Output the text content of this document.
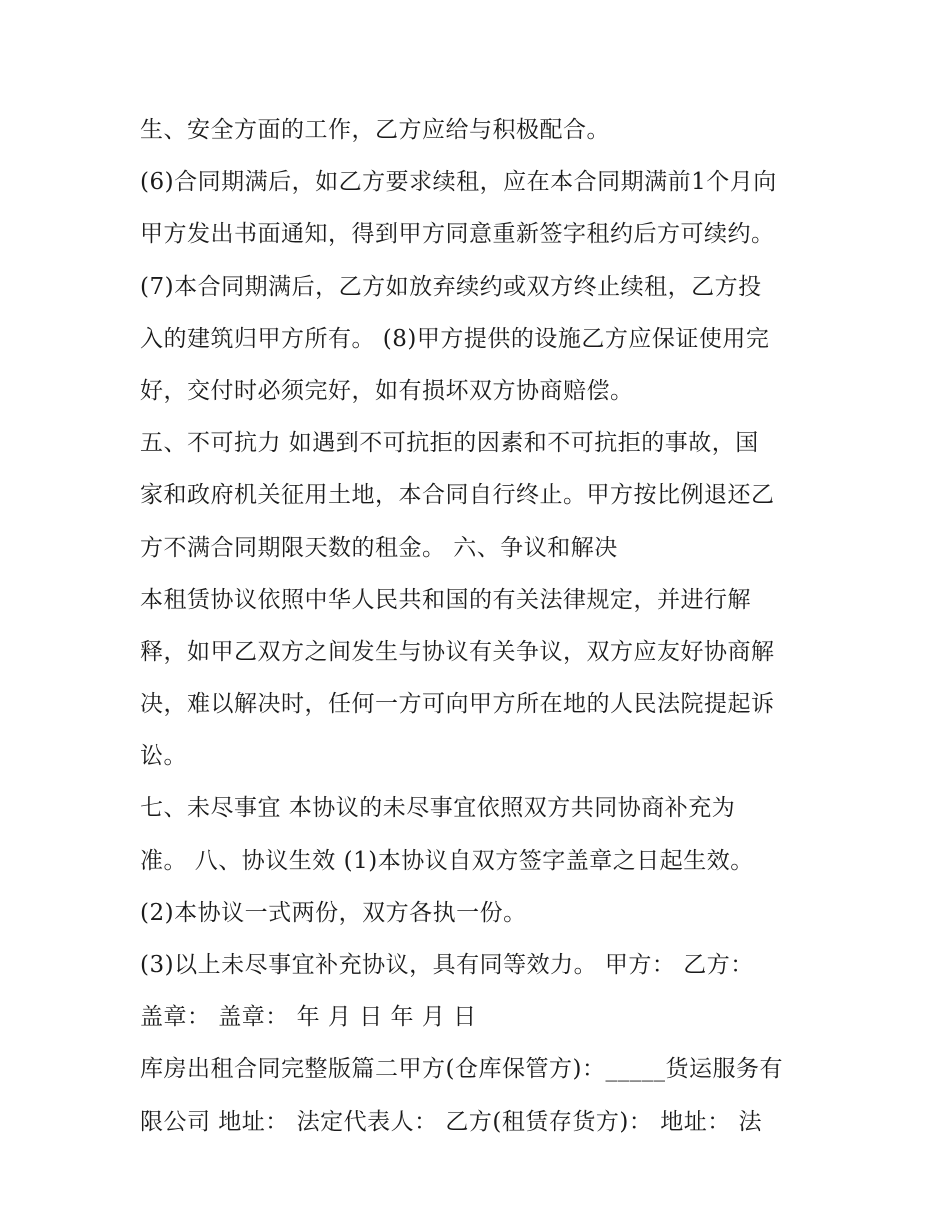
生、安全方面的工作，乙方应给与积极配合。
(6)合同期满后，如乙方要求续租，应在本合同期满前1个月向
甲方发出书面通知，得到甲方同意重新签字租约后方可续约。
(7)本合同期满后，乙方如放弃续约或双方终止续租，乙方投
入的建筑归甲方所有。 (8)甲方提供的设施乙方应保证使用完
好，交付时必须完好，如有损坏双方协商赔偿。
五、不可抗力 如遇到不可抗拒的因素和不可抗拒的事故，国
家和政府机关征用土地，本合同自行终止。甲方按比例退还乙
方不满合同期限天数的租金。 六、争议和解决
本租赁协议依照中华人民共和国的有关法律规定，并进行解
释，如甲乙双方之间发生与协议有关争议，双方应友好协商解
决，难以解决时，任何一方可向甲方所在地的人民法院提起诉
讼。
七、未尽事宜 本协议的未尽事宜依照双方共同协商补充为
准。 八、协议生效 (1)本协议自双方签字盖章之日起生效。
(2)本协议一式两份，双方各执一份。
(3)以上未尽事宜补充协议，具有同等效力。 甲方： 乙方：
盖章： 盖章： 年 月 日 年 月 日
库房出租合同完整版篇二甲方(仓库保管方)：_____货运服务有
限公司 地址： 法定代表人： 乙方(租赁存货方)： 地址： 法
